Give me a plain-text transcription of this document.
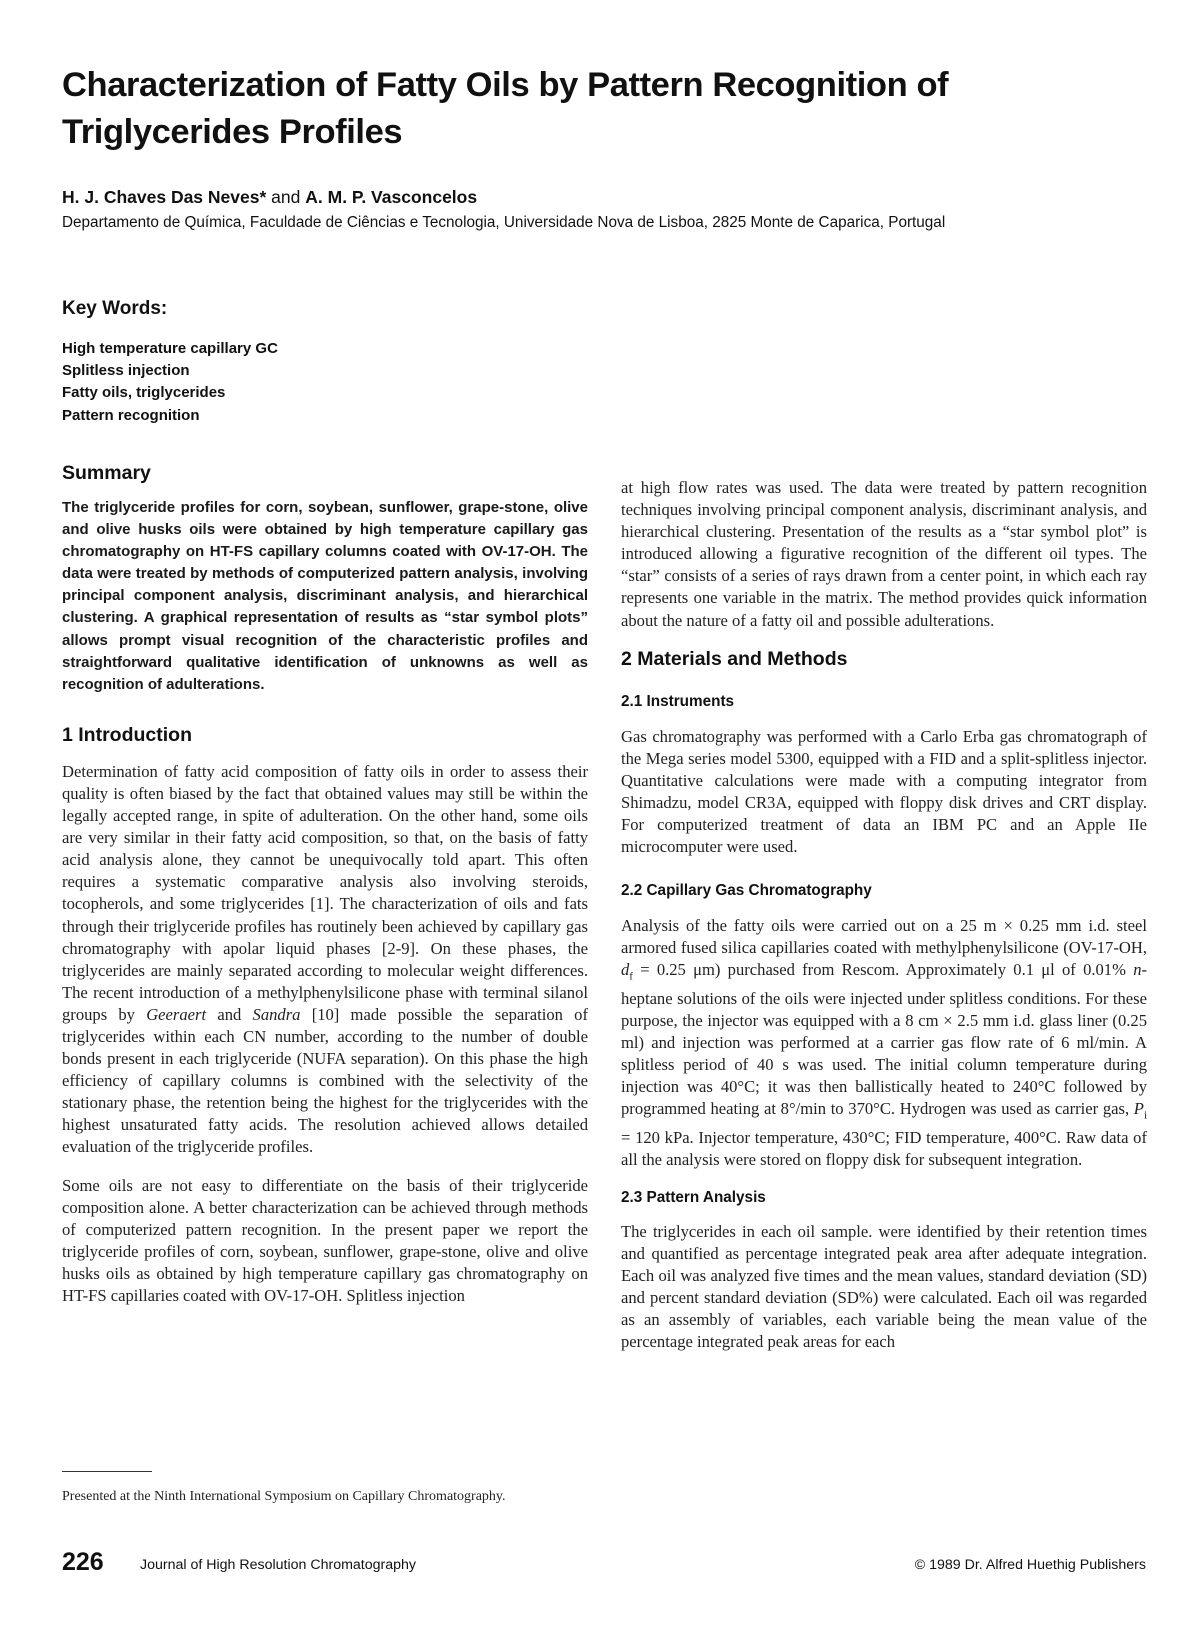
Characterization of Fatty Oils by Pattern Recognition of Triglycerides Profiles
H. J. Chaves Das Neves* and A. M. P. Vasconcelos
Departamento de Química, Faculdade de Ciências e Tecnologia, Universidade Nova de Lisboa, 2825 Monte de Caparica, Portugal
Key Words:
High temperature capillary GC
Splitless injection
Fatty oils, triglycerides
Pattern recognition
Summary

The triglyceride profiles for corn, soybean, sunflower, grape-stone, olive and olive husks oils were obtained by high temperature capillary gas chromatography on HT-FS capillary columns coated with OV-17-OH. The data were treated by methods of computerized pattern analysis, involving principal component analysis, discriminant analysis, and hierarchical clustering. A graphical representation of results as “star symbol plots” allows prompt visual recognition of the characteristic profiles and straightforward qualitative identification of unknowns as well as recognition of adulterations.

1 Introduction

Determination of fatty acid composition of fatty oils in order to assess their quality is often biased by the fact that obtained values may still be within the legally accepted range, in spite of adulteration. On the other hand, some oils are very similar in their fatty acid composition, so that, on the basis of fatty acid analysis alone, they cannot be unequivocally told apart. This often requires a systematic comparative analysis also involving steroids, tocopherols, and some triglycerides [1]. The characterization of oils and fats through their triglyceride profiles has routinely been achieved by capillary gas chromatography with apolar liquid phases [2-9]. On these phases, the triglycerides are mainly separated according to molecular weight differences. The recent introduction of a methylphenylsilicone phase with terminal silanol groups by Geeraert and Sandra [10] made possible the separation of triglycerides within each CN number, according to the number of double bonds present in each triglyceride (NUFA separation). On this phase the high efficiency of capillary columns is combined with the selectivity of the stationary phase, the retention being the highest for the triglycerides with the highest unsaturated fatty acids. The resolution achieved allows detailed evaluation of the triglyceride profiles.

Some oils are not easy to differentiate on the basis of their triglyceride composition alone. A better characterization can be achieved through methods of computerized pattern recognition. In the present paper we report the triglyceride profiles of corn, soybean, sunflower, grape-stone, olive and olive husks oils as obtained by high temperature capillary gas chromatography on HT-FS capillaries coated with OV-17-OH. Splitless injection

Presented at the Ninth International Symposium on Capillary Chromatography.

at high flow rates was used. The data were treated by pattern recognition techniques involving principal component analysis, discriminant analysis, and hierarchical clustering. Presentation of the results as a “star symbol plot” is introduced allowing a figurative recognition of the different oil types. The “star” consists of a series of rays drawn from a center point, in which each ray represents one variable in the matrix. The method provides quick information about the nature of a fatty oil and possible adulterations.

2 Materials and Methods
2.1 Instruments

Gas chromatography was performed with a Carlo Erba gas chromatograph of the Mega series model 5300, equipped with a FID and a split-splitless injector. Quantitative calculations were made with a computing integrator from Shimadzu, model CR3A, equipped with floppy disk drives and CRT display. For computerized treatment of data an IBM PC and an Apple IIe microcomputer were used.

2.2 Capillary Gas Chromatography

Analysis of the fatty oils were carried out on a 25 m × 0.25 mm i.d. steel armored fused silica capillaries coated with methylphenylsilicone (OV-17-OH, $d_f = 0.25$ μm) purchased from Rescom. Approximately 0.1 μl of 0.01% n-heptane solutions of the oils were injected under splitless conditions. For these purpose, the injector was equipped with a 8 cm × 2.5 mm i.d. glass liner (0.25 ml) and injection was performed at a carrier gas flow rate of 6 ml/min. A splitless period of 40 s was used. The initial column temperature during injection was 40°C; it was then ballistically heated to 240°C followed by programmed heating at 8°/min to 370°C. Hydrogen was used as carrier gas, $P_i = 120$ kPa. Injector temperature, 430°C; FID temperature, 400°C. Raw data of all the analysis were stored on floppy disk for subsequent integration.

2.3 Pattern Analysis

The triglycerides in each oil sample. were identified by their retention times and quantified as percentage integrated peak area after adequate integration. Each oil was analyzed five times and the mean values, standard deviation (SD) and percent standard deviation (SD%) were calculated. Each oil was regarded as an assembly of variables, each variable being the mean value of the percentage integrated peak areas for each

226	Journal of High Resolution Chromatography	© 1989 Dr. Alfred Huethig Publishers
